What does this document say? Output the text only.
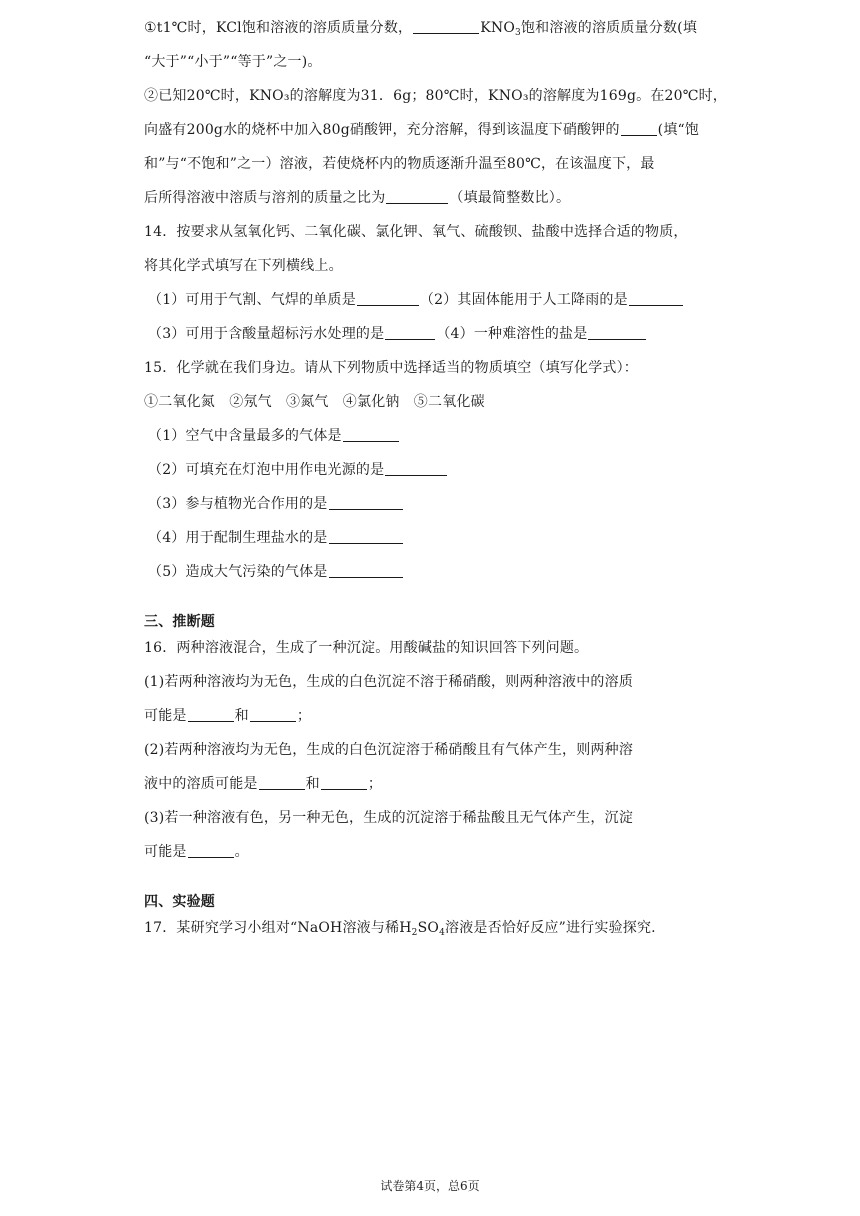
①t1℃时，KCl饱和溶液的溶质质量分数，	$KNO_3$饱和溶液的溶质质量分数(填
“大于”“小于”“等于”之一)。
②已知20℃时，KNO₃的溶解度为31．6g；80℃时，KNO₃的溶解度为169g。在20℃时，
向盛有200g水的烧杯中加入80g硝酸钾，充分溶解，得到该温度下硝酸钾的	(填“饱
和”与“不饱和”之一）溶液，若使烧杯内的物质逐渐升温至80℃，在该温度下，最
后所得溶液中溶质与溶剂的质量之比为	（填最简整数比）。
14．按要求从氢氧化钙、二氧化碳、氯化钾、氧气、硫酸钡、盐酸中选择合适的物质，
将其化学式填写在下列横线上。
（1）可用于气割、气焊的单质是	（2）其固体能用于人工降雨的是
（3）可用于含酸量超标污水处理的是	（4）一种难溶性的盐是
15．化学就在我们身边。请从下列物质中选择适当的物质填空（填写化学式）：
①二氧化氮　②氖气　③氮气　④氯化钠　⑤二氧化碳
（1）空气中含量最多的气体是
（2）可填充在灯泡中用作电光源的是
（3）参与植物光合作用的是
（4）用于配制生理盐水的是
（5）造成大气污染的气体是
三、推断题
16．两种溶液混合，生成了一种沉淀。用酸碱盐的知识回答下列问题。
(1)若两种溶液均为无色，生成的白色沉淀不溶于稀硝酸，则两种溶液中的溶质
可能是	和	；
(2)若两种溶液均为无色，生成的白色沉淀溶于稀硝酸且有气体产生，则两种溶
液中的溶质可能是	和	；
(3)若一种溶液有色，另一种无色，生成的沉淀溶于稀盐酸且无气体产生，沉淀
可能是	。
四、实验题
17．某研究学习小组对“NaOH溶液与稀$H_2SO_4$溶液是否恰好反应”进行实验探究.
试卷第4页，总6页
